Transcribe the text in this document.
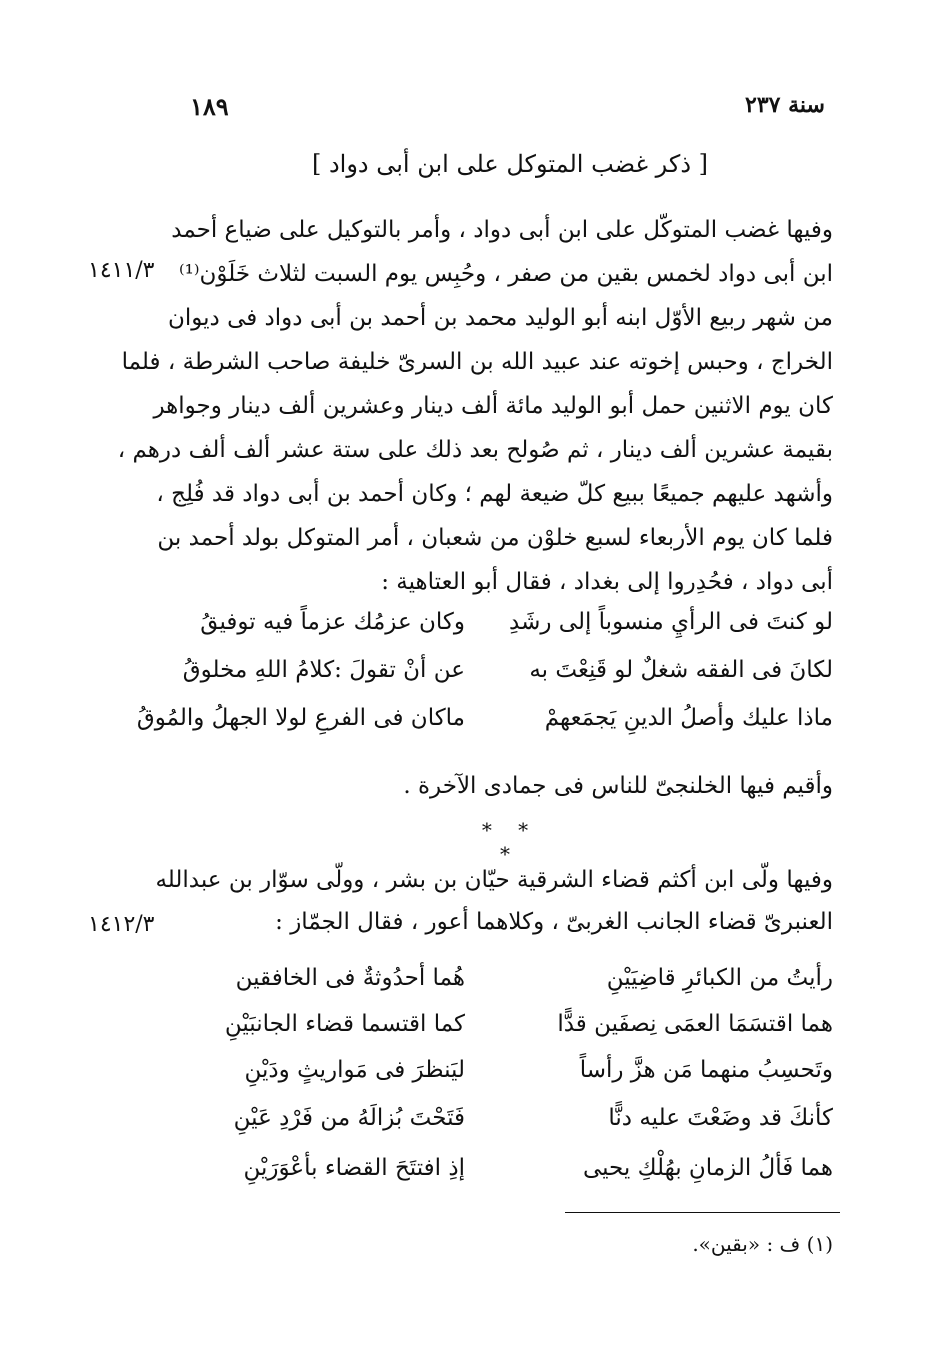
١٨٩	سنة ٢٣٧
[ ذكر غضب المتوكل على ابن أبى دواد ]
وفيها غضب المتوكّل على ابن أبى دواد ، وأمر بالتوكيل على ضياع أحمد
ابن أبى دواد لخمس بقين من صفر ، وحُبِس يوم السبت لثلاث خَلَوْن⁽¹⁾
من شهر ربيع الأوّل ابنه أبو الوليد محمد بن أحمد بن أبى دواد فى ديوان
الخراج ، وحبس إخوته عند عبيد الله بن السرىّ خليفة صاحب الشرطة ، فلما
كان يوم الاثنين حمل أبو الوليد مائة ألف دينار وعشرين ألف دينار وجواهر
بقيمة عشرين ألف دينار ، ثم صُولح بعد ذلك على ستة عشر ألف ألف درهم ،
وأشهد عليهم جميعًا ببيع كلّ ضيعة لهم ؛ وكان أحمد بن أبى دواد قد فُلِج ،
فلما كان يوم الأربعاء لسبع خلوْن من شعبان ، أمر المتوكل بولد أحمد بن
أبى دواد ، فحُدِروا إلى بغداد ، فقال أبو العتاهية :
١٤١١/٣
لو كنتَ فى الرأيِ منسوباً إلى رشَدِ
وكان عزمُك عزماً فيه توفيقُ
لكانَ فى الفقه شغلٌ لو قَنِعْتَ به
عن أنْ تقولَ :كلامُ اللهِ مخلوقُ
ماذا عليك وأصلُ الدينِ يَجمَعهمْ
ماكان فى الفرعِ لولا الجهلُ والمُوقُ
وأقيم فيها الخلنجىّ للناس فى جمادى الآخرة .
* * *
وفيها ولّى ابن أكثم قضاء الشرقية حيّان بن بشر ، وولّى سوّار بن عبدالله
العنبرىّ قضاء الجانب الغربىّ ، وكلاهما أعور ، فقال الجمّاز :
١٤١٢/٣
رأيتُ من الكبائرِ قاضِيَيْنِ
هُما أحدُوثةٌ فى الخافقين
هما اقتسَمَا العمَى نِصفَين قدًّا
كما اقتسما قضاء الجانبَيْنِ
وتَحسِبُ منهما مَن هزَّ رأساً
ليَنظرَ فى مَواريثٍ ودَيْنِ
كأنكَ قد وضَعْتَ عليه دنًّا
فَتَحْتَ بُزالَهُ من فَرْدِ عَيْنِ
هما فَألُ الزمانِ بهُلْكِ يحيى
إذِ افتتَحَ القضاء بأعْوَرَيْنِ
(١) ف : «بقين».
